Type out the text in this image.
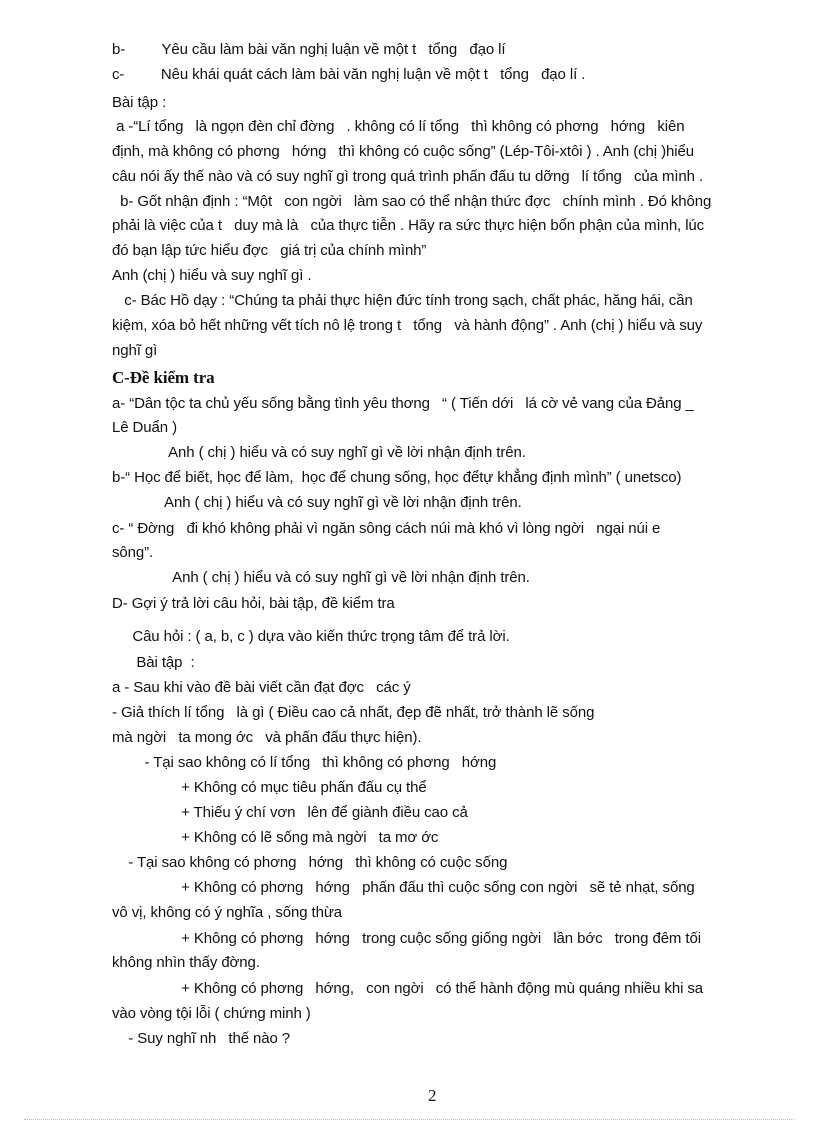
b-         Yêu cầu làm bài văn nghị luận về một t   tổng   đạo lí
c-         Nêu khái quát cách làm bài văn nghị luận về một t   tổng   đạo lí .
Bài tập :
a -“Lí tổng   là ngọn đèn chỉ đờng   . không có lí tổng   thì không có phơng   hớng   kiên
định, mà không có phơng   hớng   thì không có cuộc sống” (Lép-Tôi-xtôi ) . Anh (chị )hiểu
câu nói ấy thế nào và có suy nghĩ gì trong quá trình phấn đấu tu dỡng   lí tổng   của mình .
b- Gốt nhận định : “Một   con ngời   làm sao có thể nhận thức đợc   chính mình . Đó không
phải là việc của t   duy mà là   của thực tiễn . Hãy ra sức thực hiện bổn phận của mình, lúc
đó bạn lập tức hiểu đợc   giá trị của chính mình”
Anh (chị ) hiểu và suy nghĩ gì .
c- Bác Hồ dạy : “Chúng ta phải thực hiện đức tính trong sạch, chất phác, hăng hái, cần
kiệm, xóa bỏ hết những vết tích nô lệ trong t   tổng   và hành động” . Anh (chị ) hiểu và suy
nghĩ gì
C-Đề kiểm tra
a- “Dân tộc ta chủ yếu sống bằng tình yêu thơng   “ ( Tiến dới   lá cờ vẻ vang của Đảng _
Lê Duẩn )
Anh ( chị ) hiểu và có suy nghĩ gì về lời nhận định trên.
b-“ Học để biết, học để làm,  học để chung sống, học đểtự khẳng định mình” ( unetsco)
Anh ( chị ) hiểu và có suy nghĩ gì về lời nhận định trên.
c- “ Đờng   đi khó không phải vì ngăn sông cách núi mà khó vì lòng ngời   ngại núi e
sông”.
Anh ( chị ) hiểu và có suy nghĩ gì về lời nhận định trên.
D- Gợi ý trả lời câu hỏi, bài tập, đề kiểm tra
Câu hỏi : ( a, b, c ) dựa vào kiến thức trọng tâm để trả lời.
Bài tập  :
a - Sau khi vào đề bài viết cần đạt đợc   các ý
- Giả thích lí tổng   là gì ( Điều cao cả nhất, đẹp đẽ nhất, trở thành lẽ sống
mà ngời   ta mong ớc   và phấn đấu thực hiện).
- Tại sao không có lí tổng   thì không có phơng   hớng
+ Không có mục tiêu phấn đấu cụ thể
+ Thiếu ý chí vơn   lên để giành điều cao cả
+ Không có lẽ sống mà ngời   ta mơ ớc
- Tại sao không có phơng   hớng   thì không có cuộc sống
+ Không có phơng   hớng   phấn đấu thì cuộc sống con ngời   sẽ tẻ nhạt, sống
vô vị, không có ý nghĩa , sống thừa
+ Không có phơng   hớng   trong cuộc sống giống ngời   lần bớc   trong đêm tối
không nhìn thấy đờng.
+ Không có phơng   hớng,   con ngời   có thể hành động mù quáng nhiều khi sa
vào vòng tội lỗi ( chứng minh )
- Suy nghĩ nh   thế nào ?
2
